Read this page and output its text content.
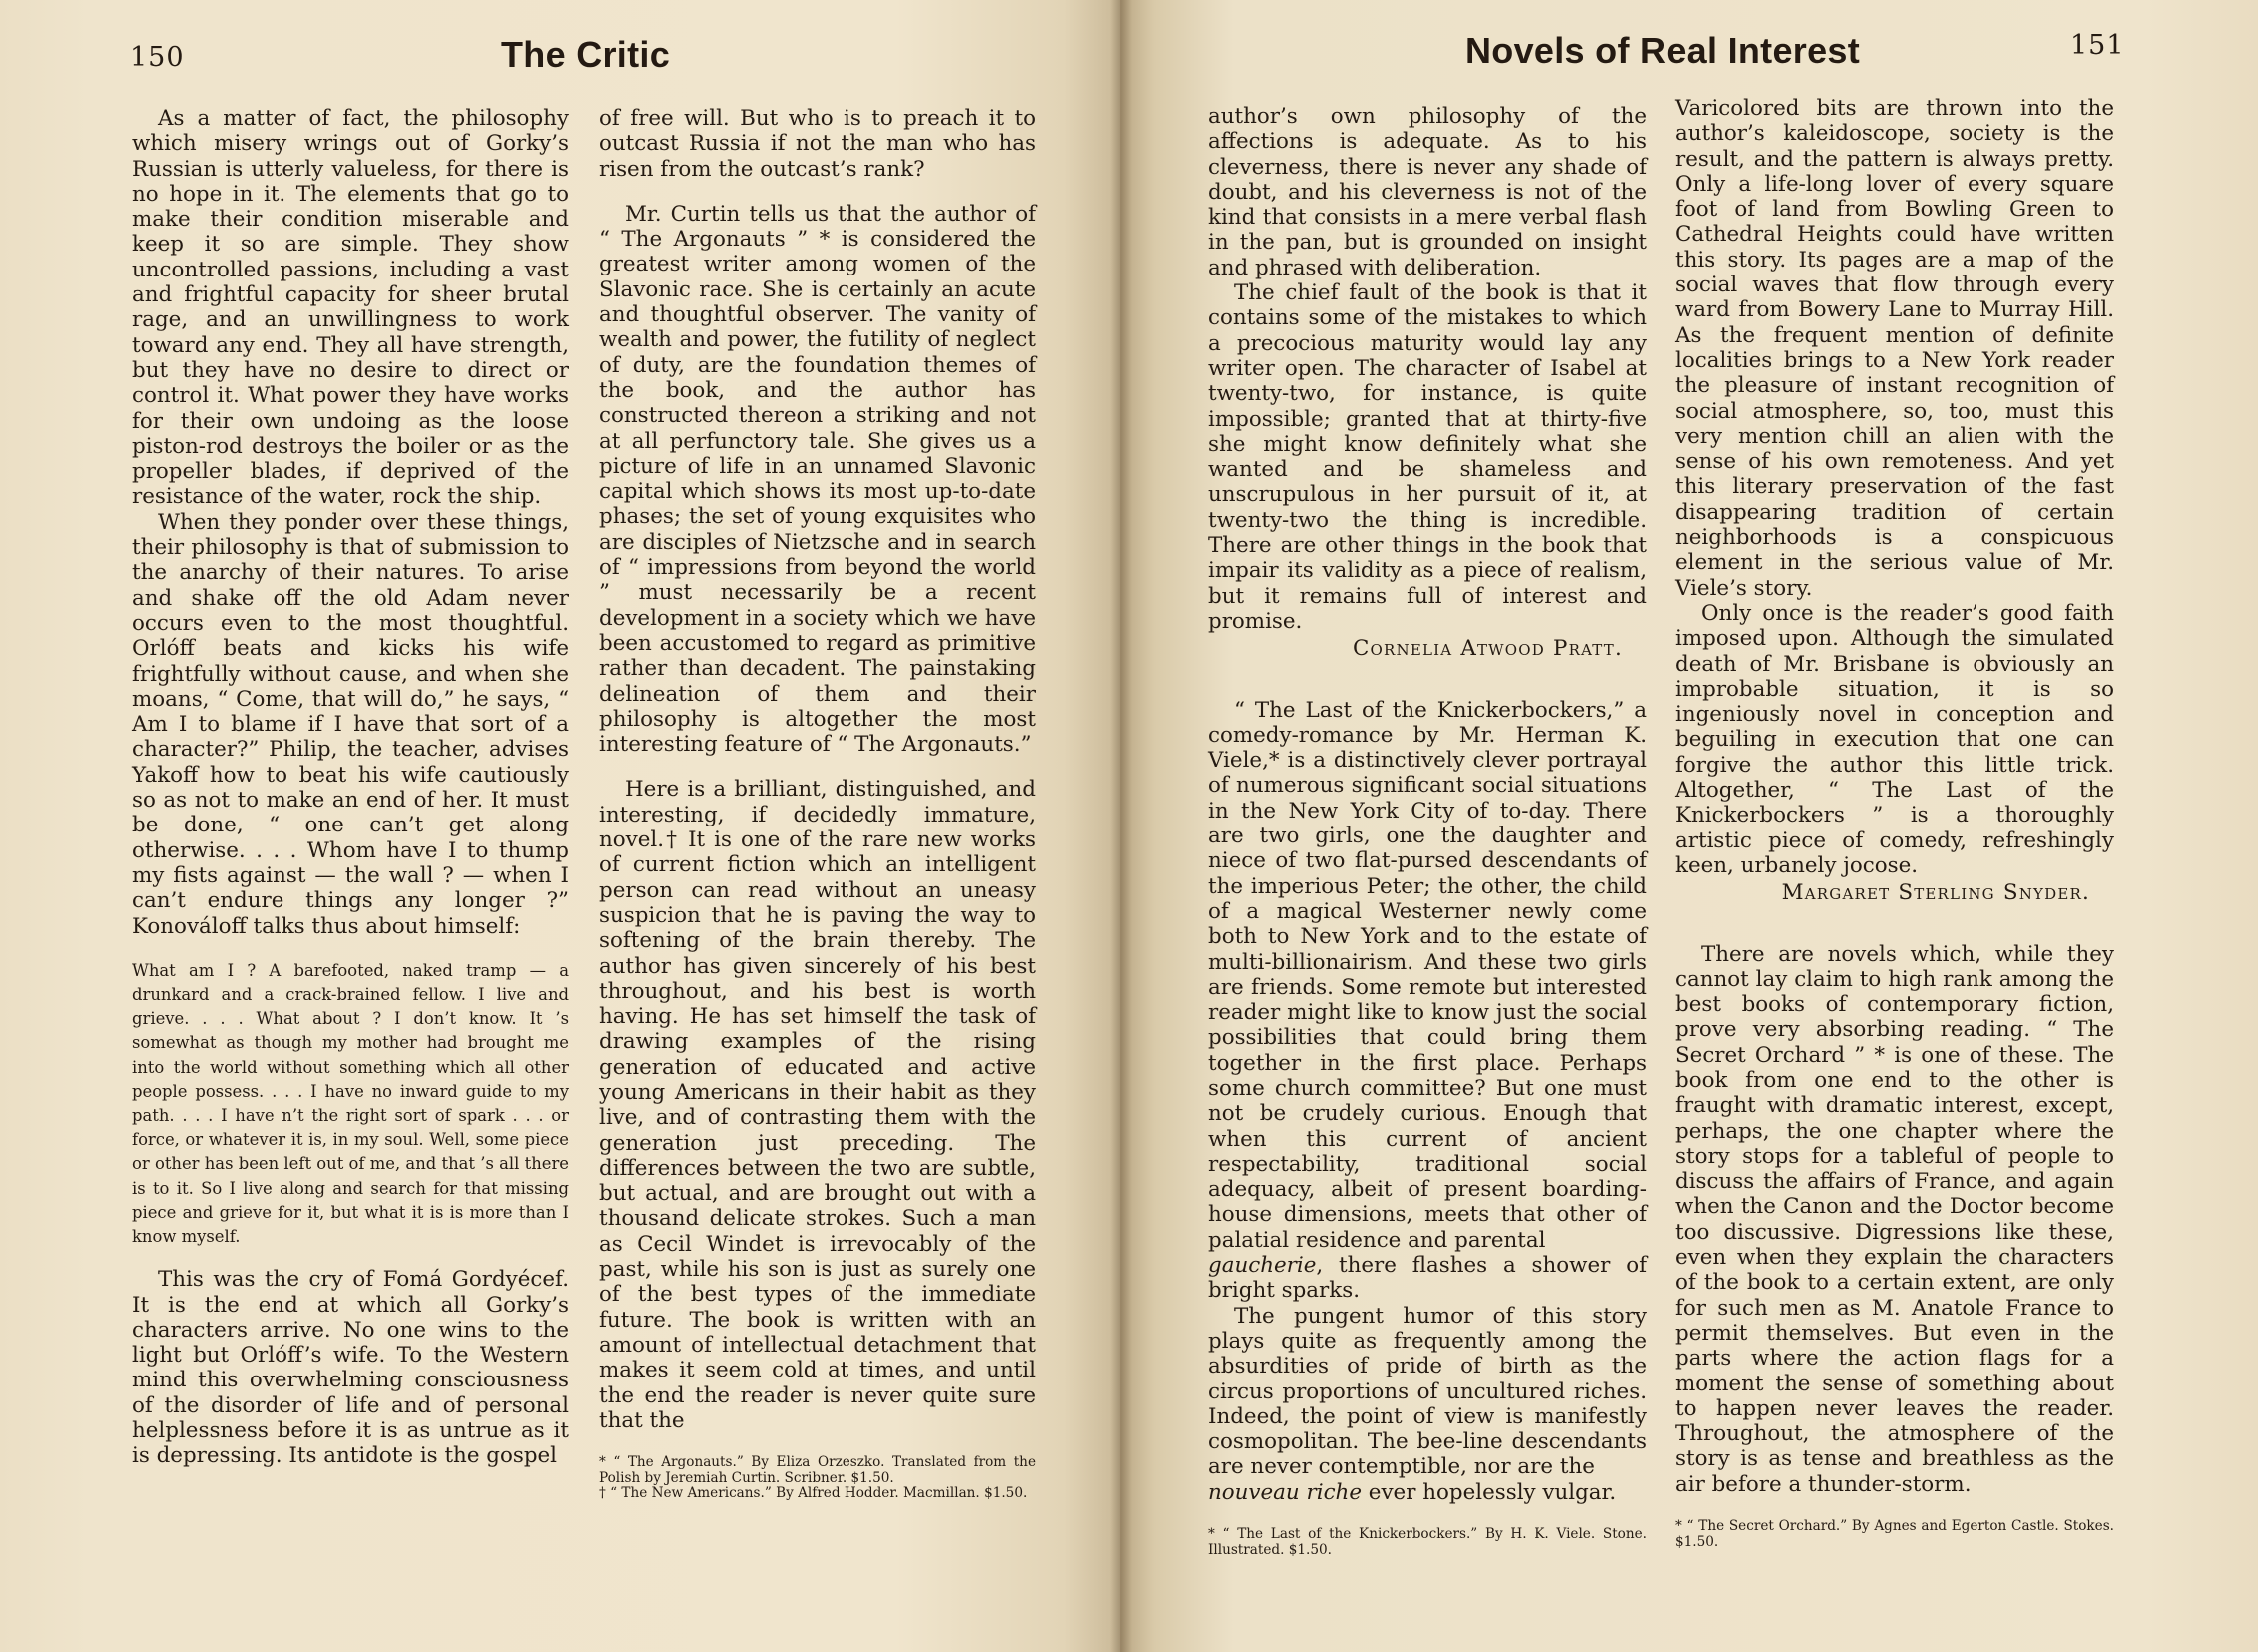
150	The Critic

As a matter of fact, the philosophy which misery wrings out of Gorky’s Russian is utterly valueless, for there is no hope in it. The elements that go to make their condition miserable and keep it so are simple. They show uncontrolled passions, including a vast and frightful capacity for sheer brutal rage, and an unwillingness to work toward any end. They all have strength, but they have no desire to direct or control it. What power they have works for their own undoing as the loose piston-rod destroys the boiler or as the propeller blades, if deprived of the resistance of the water, rock the ship.

When they ponder over these things, their philosophy is that of submission to the anarchy of their natures. To arise and shake off the old Adam never occurs even to the most thoughtful. Orlóff beats and kicks his wife frightfully without cause, and when she moans, “ Come, that will do,” he says, “ Am I to blame if I have that sort of a character?” Philip, the teacher, advises Yakoff how to beat his wife cautiously so as not to make an end of her. It must be done, “ one can’t get along otherwise. . . . Whom have I to thump my fists against — the wall ? — when I can’t endure things any longer ?” Konováloff talks thus about himself:

What am I ? A barefooted, naked tramp — a drunkard and a crack-brained fellow. I live and grieve. . . . What about ? I don’t know. It ’s somewhat as though my mother had brought me into the world without something which all other people possess. . . . I have no inward guide to my path. . . . I have n’t the right sort of spark . . . or force, or whatever it is, in my soul. Well, some piece or other has been left out of me, and that ’s all there is to it. So I live along and search for that missing piece and grieve for it, but what it is is more than I know myself.

This was the cry of Fomá Gordyécef. It is the end at which all Gorky’s characters arrive. No one wins to the light but Orlóff’s wife. To the Western mind this overwhelming consciousness of the disorder of life and of personal helplessness before it is as untrue as it is depressing. Its antidote is the gospel

of free will. But who is to preach it to outcast Russia if not the man who has risen from the outcast’s rank?

Mr. Curtin tells us that the author of “ The Argonauts ” * is considered the greatest writer among women of the Slavonic race. She is certainly an acute and thoughtful observer. The vanity of wealth and power, the futility of neglect of duty, are the foundation themes of the book, and the author has constructed thereon a striking and not at all perfunctory tale. She gives us a picture of life in an unnamed Slavonic capital which shows its most up-to-date phases; the set of young exquisites who are disciples of Nietzsche and in search of “ impressions from beyond the world ” must necessarily be a recent development in a society which we have been accustomed to regard as primitive rather than decadent. The painstaking delineation of them and their philosophy is altogether the most interesting feature of “ The Argonauts.”

Here is a brilliant, distinguished, and interesting, if decidedly immature, novel.† It is one of the rare new works of current fiction which an intelligent person can read without an uneasy suspicion that he is paving the way to softening of the brain thereby. The author has given sincerely of his best throughout, and his best is worth having. He has set himself the task of drawing examples of the rising generation of educated and active young Americans in their habit as they live, and of contrasting them with the generation just preceding. The differences between the two are subtle, but actual, and are brought out with a thousand delicate strokes. Such a man as Cecil Windet is irrevocably of the past, while his son is just as surely one of the best types of the immediate future. The book is written with an amount of intellectual detachment that makes it seem cold at times, and until the end the reader is never quite sure that the

* “ The Argonauts.” By Eliza Orzeszko. Translated from the Polish by Jeremiah Curtin. Scribner. $1.50.

† “ The New Americans.” By Alfred Hodder. Macmillan. $1.50.

Novels of Real Interest	151

author’s own philosophy of the affections is adequate. As to his cleverness, there is never any shade of doubt, and his cleverness is not of the kind that consists in a mere verbal flash in the pan, but is grounded on insight and phrased with deliberation.

The chief fault of the book is that it contains some of the mistakes to which a precocious maturity would lay any writer open. The character of Isabel at twenty-two, for instance, is quite impossible; granted that at thirty-five she might know definitely what she wanted and be shameless and unscrupulous in her pursuit of it, at twenty-two the thing is incredible. There are other things in the book that impair its validity as a piece of realism, but it remains full of interest and promise.

Cornelia Atwood Pratt.

“ The Last of the Knickerbockers,” a comedy-romance by Mr. Herman K. Viele,* is a distinctively clever portrayal of numerous significant social situations in the New York City of to-day. There are two girls, one the daughter and niece of two flat-pursed descendants of the imperious Peter; the other, the child of a magical Westerner newly come both to New York and to the estate of multi-billionairism. And these two girls are friends. Some remote but interested reader might like to know just the social possibilities that could bring them together in the first place. Perhaps some church committee? But one must not be crudely curious. Enough that when this current of ancient respectability, traditional social adequacy, albeit of present boarding-house dimensions, meets that other of palatial residence and parental

gaucherie, there flashes a shower of bright sparks.

The pungent humor of this story plays quite as frequently among the absurdities of pride of birth as the circus proportions of uncultured riches. Indeed, the point of view is manifestly cosmopolitan. The bee-line descendants are never contemptible, nor are the

nouveau riche ever hopelessly vulgar.

* “ The Last of the Knickerbockers.” By H. K. Viele. Stone. Illustrated. $1.50.

Varicolored bits are thrown into the author’s kaleidoscope, society is the result, and the pattern is always pretty. Only a life-long lover of every square foot of land from Bowling Green to Cathedral Heights could have written this story. Its pages are a map of the social waves that flow through every ward from Bowery Lane to Murray Hill. As the frequent mention of definite localities brings to a New York reader the pleasure of instant recognition of social atmosphere, so, too, must this very mention chill an alien with the sense of his own remoteness. And yet this literary preservation of the fast disappearing tradition of certain neighborhoods is a conspicuous element in the serious value of Mr. Viele’s story.

Only once is the reader’s good faith imposed upon. Although the simulated death of Mr. Brisbane is obviously an improbable situation, it is so ingeniously novel in conception and beguiling in execution that one can forgive the author this little trick. Altogether, “ The Last of the Knickerbockers ” is a thoroughly artistic piece of comedy, refreshingly keen, urbanely jocose.

Margaret Sterling Snyder.

There are novels which, while they cannot lay claim to high rank among the best books of contemporary fiction, prove very absorbing reading. “ The Secret Orchard ” * is one of these. The book from one end to the other is fraught with dramatic interest, except, perhaps, the one chapter where the story stops for a tableful of people to discuss the affairs of France, and again when the Canon and the Doctor become too discussive. Digressions like these, even when they explain the characters of the book to a certain extent, are only for such men as M. Anatole France to permit themselves. But even in the parts where the action flags for a moment the sense of something about to happen never leaves the reader. Throughout, the atmosphere of the story is as tense and breathless as the air before a thunder-storm.

* “ The Secret Orchard.” By Agnes and Egerton Castle. Stokes. $1.50.
